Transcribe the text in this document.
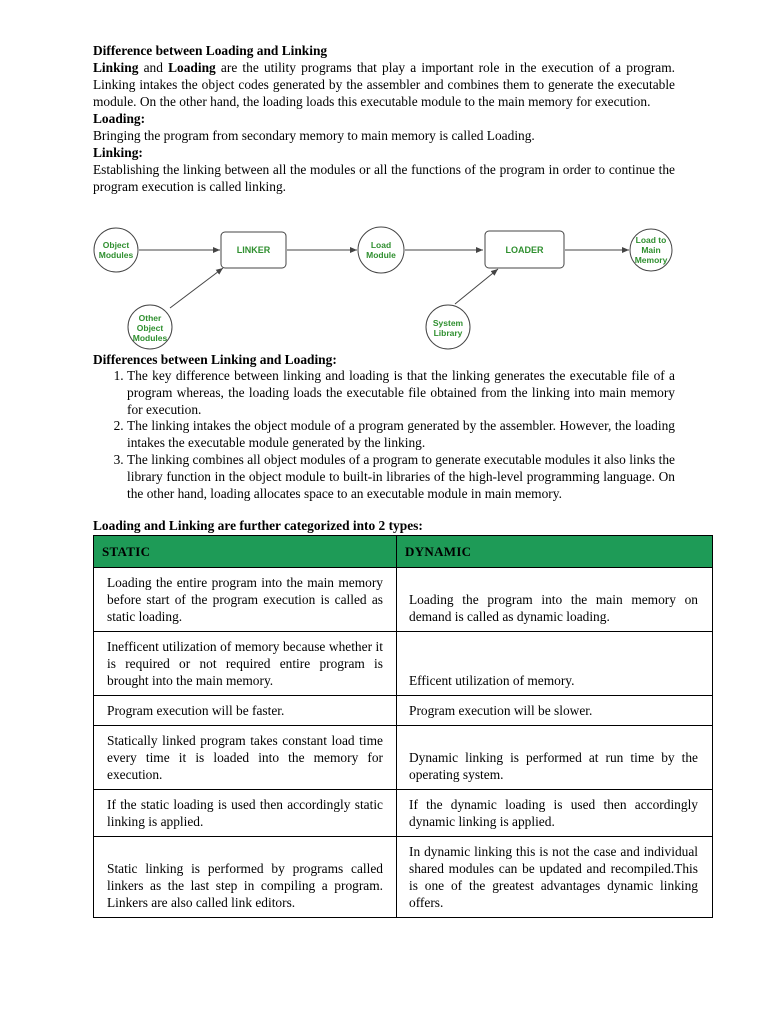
Difference between Loading and Linking

Linking and Loading are the utility programs that play a important role in the execution of a program. Linking intakes the object codes generated by the assembler and combines them to generate the executable module. On the other hand, the loading loads this executable module to the main memory for execution.

Loading:

Bringing the program from secondary memory to main memory is called Loading.

Linking:

Establishing the linking between all the modules or all the functions of the program in order to continue the program execution is called linking.

Object
Modules
Other
Object
Modules
LINKER	Load
Module	LOADER
System
Library
Load to
Main
Memory

Differences between Linking and Loading:

1. The key difference between linking and loading is that the linking generates the executable file of a program whereas, the loading loads the executable file obtained from the linking into main memory for execution.
2. The linking intakes the object module of a program generated by the assembler. However, the loading intakes the executable module generated by the linking.
3. The linking combines all object modules of a program to generate executable modules it also links the library function in the object module to built-in libraries of the high-level programming language. On the other hand, loading allocates space to an executable module in main memory.

Loading and Linking are further categorized into 2 types:

STATIC	DYNAMIC
Loading the entire program into the main memory before start of the program execution is called as static loading.	Loading the program into the main memory on demand is called as dynamic loading.
Inefficent utilization of memory because whether it is required or not required entire program is brought into the main memory.	Efficent utilization of memory.
Program execution will be faster.	Program execution will be slower.
Statically linked program takes constant load time every time it is loaded into the memory for execution.	Dynamic linking is performed at run time by the operating system.
If the static loading is used then accordingly static linking is applied.	If the dynamic loading is used then accordingly dynamic linking is applied.
Static linking is performed by programs called linkers as the last step in compiling a program. Linkers are also called link editors.	In dynamic linking this is not the case and individual shared modules can be updated and recompiled.This is one of the greatest advantages dynamic linking offers.
